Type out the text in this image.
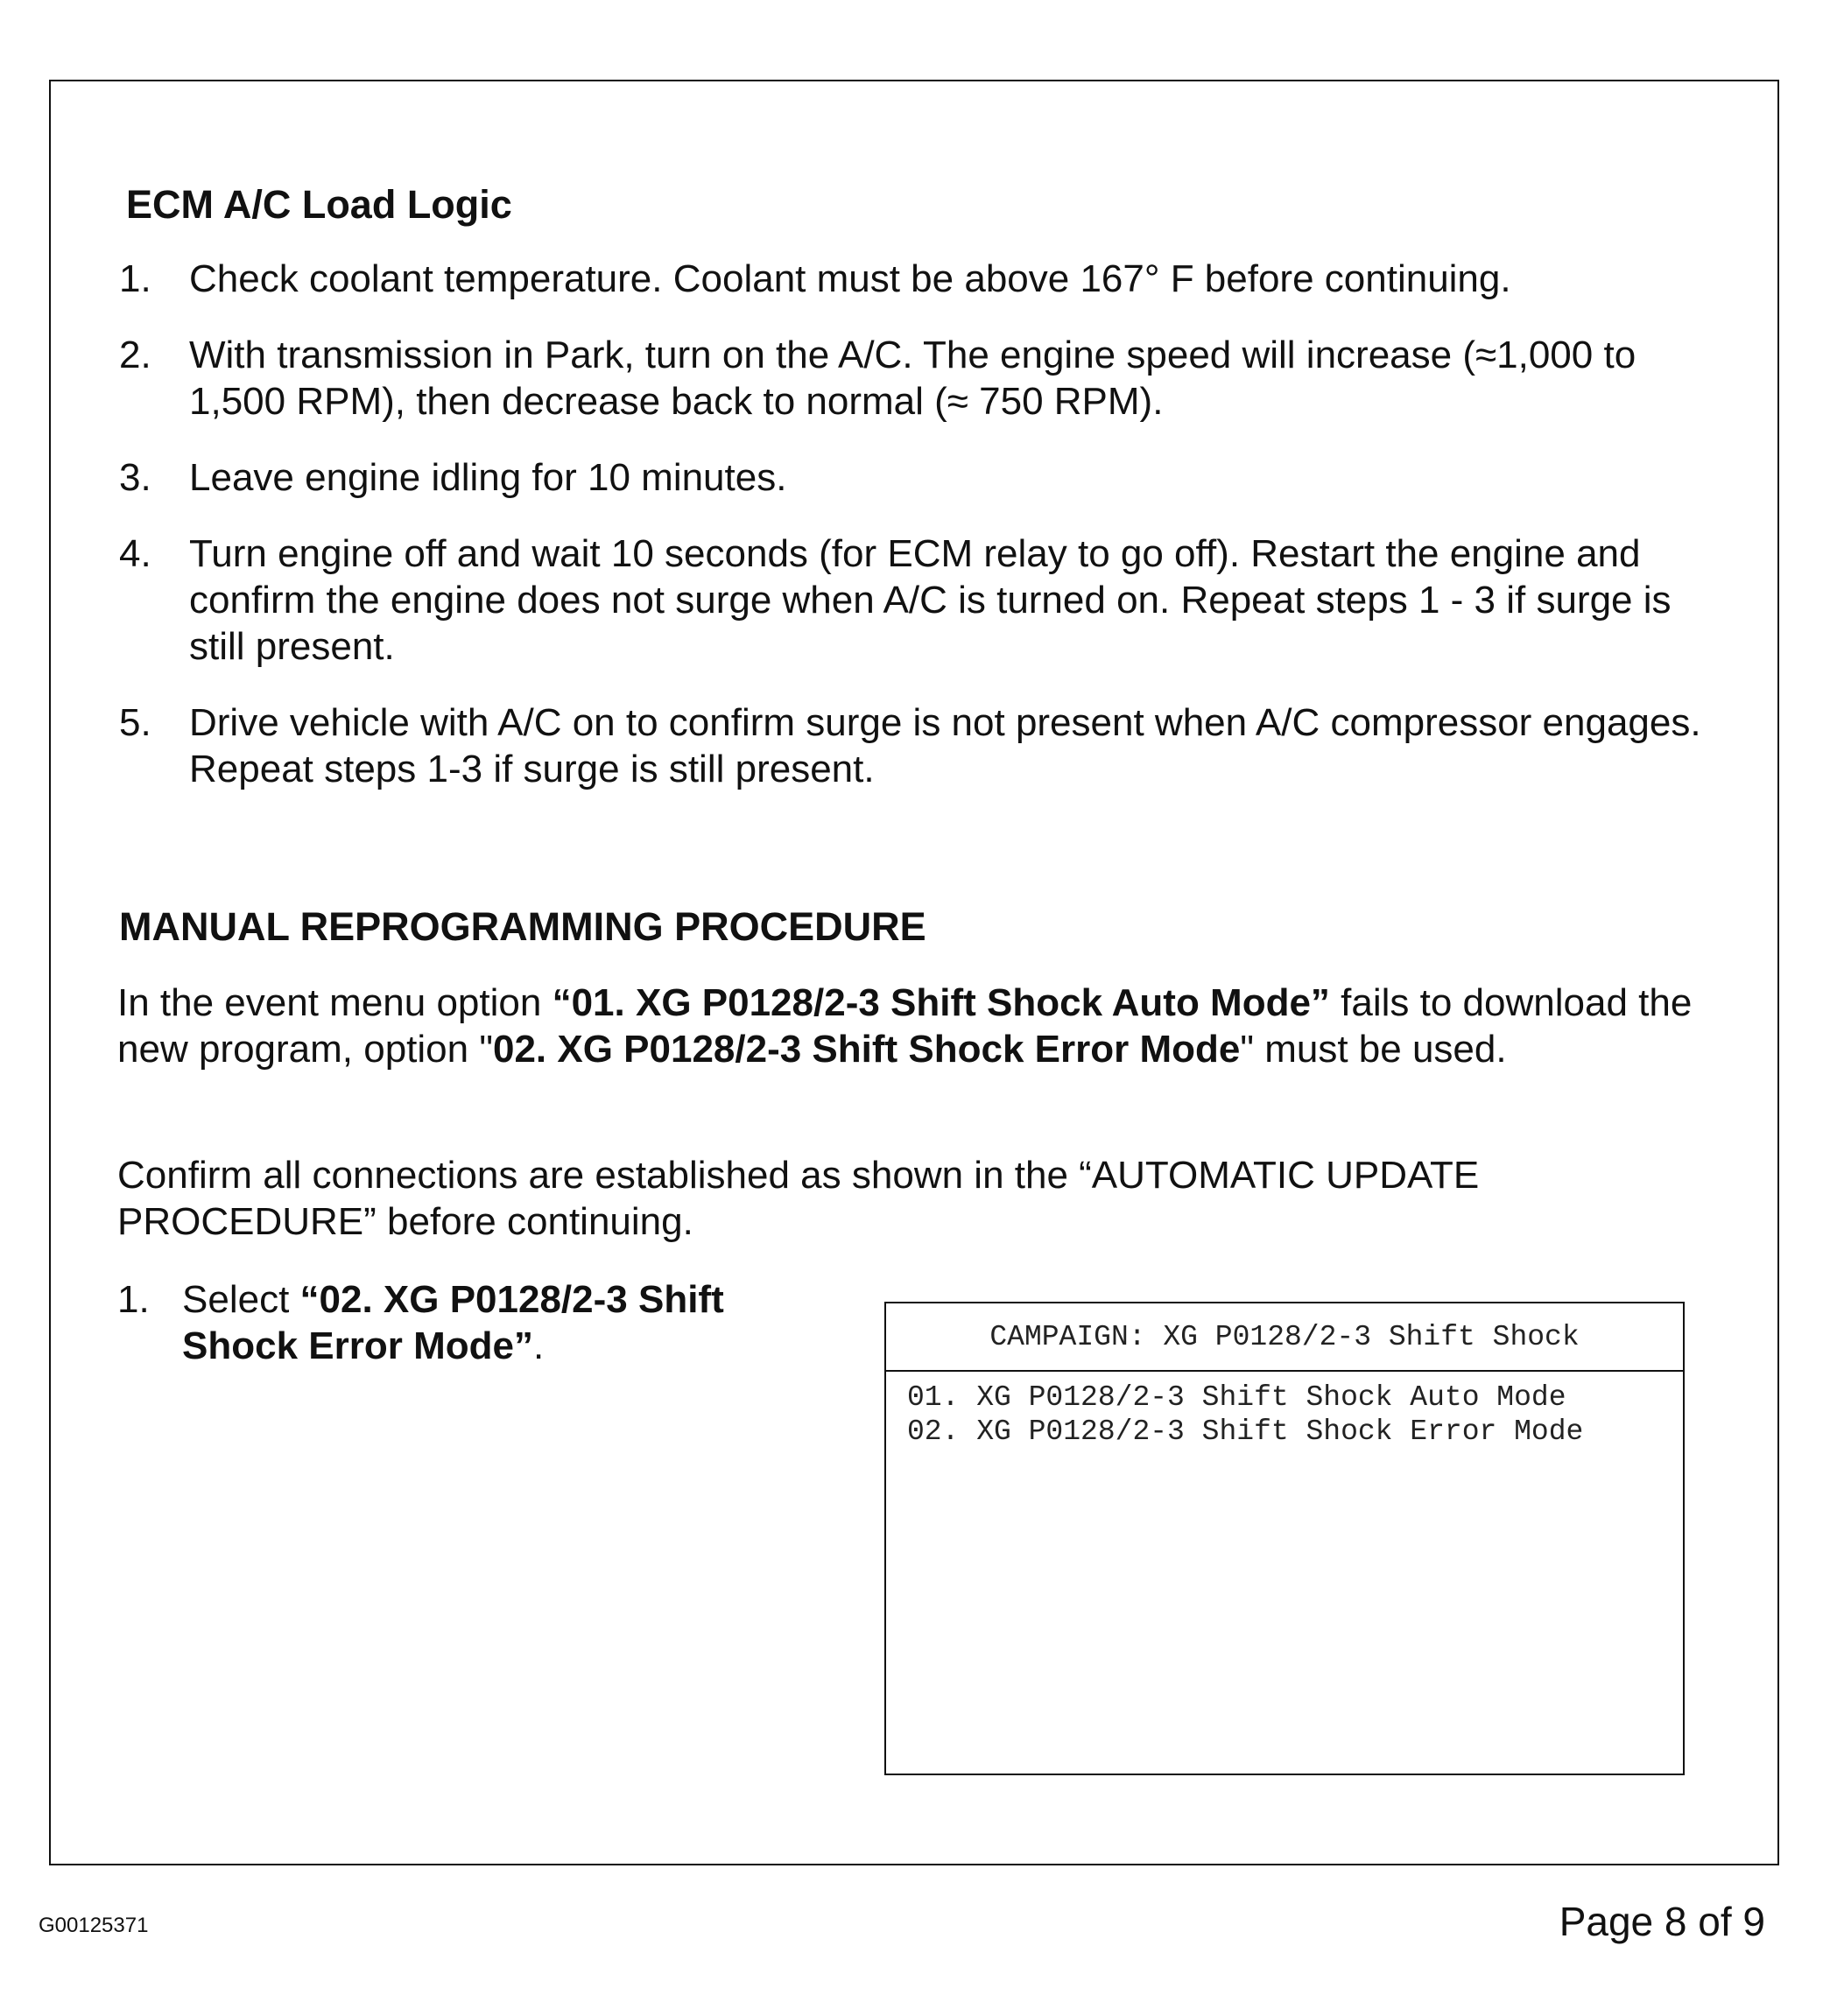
ECM A/C Load Logic
1. Check coolant temperature. Coolant must be above 167° F before continuing.
2. With transmission in Park, turn on the A/C. The engine speed will increase (≈1,000 to 1,500 RPM), then decrease back to normal (≈ 750 RPM).
3. Leave engine idling for 10 minutes.
4. Turn engine off and wait 10 seconds (for ECM relay to go off). Restart the engine and confirm the engine does not surge when A/C is turned on. Repeat steps 1 - 3 if surge is still present.
5. Drive vehicle with A/C on to confirm surge is not present when A/C compressor engages. Repeat steps 1-3 if surge is still present.
MANUAL REPROGRAMMING PROCEDURE

In the event menu option “01. XG P0128/2-3 Shift Shock Auto Mode” fails to download the new program, option "02. XG P0128/2-3 Shift Shock Error Mode" must be used.

Confirm all connections are established as shown in the “AUTOMATIC UPDATE PROCEDURE” before continuing.

1. Select “02. XG P0128/2-3 Shift Shock Error Mode”.	CAMPAIGN: XG P0128/2-3 Shift Shock
01. XG P0128/2-3 Shift Shock Auto Mode
02. XG P0128/2-3 Shift Shock Error Mode
G00125371	Page 8 of 9
